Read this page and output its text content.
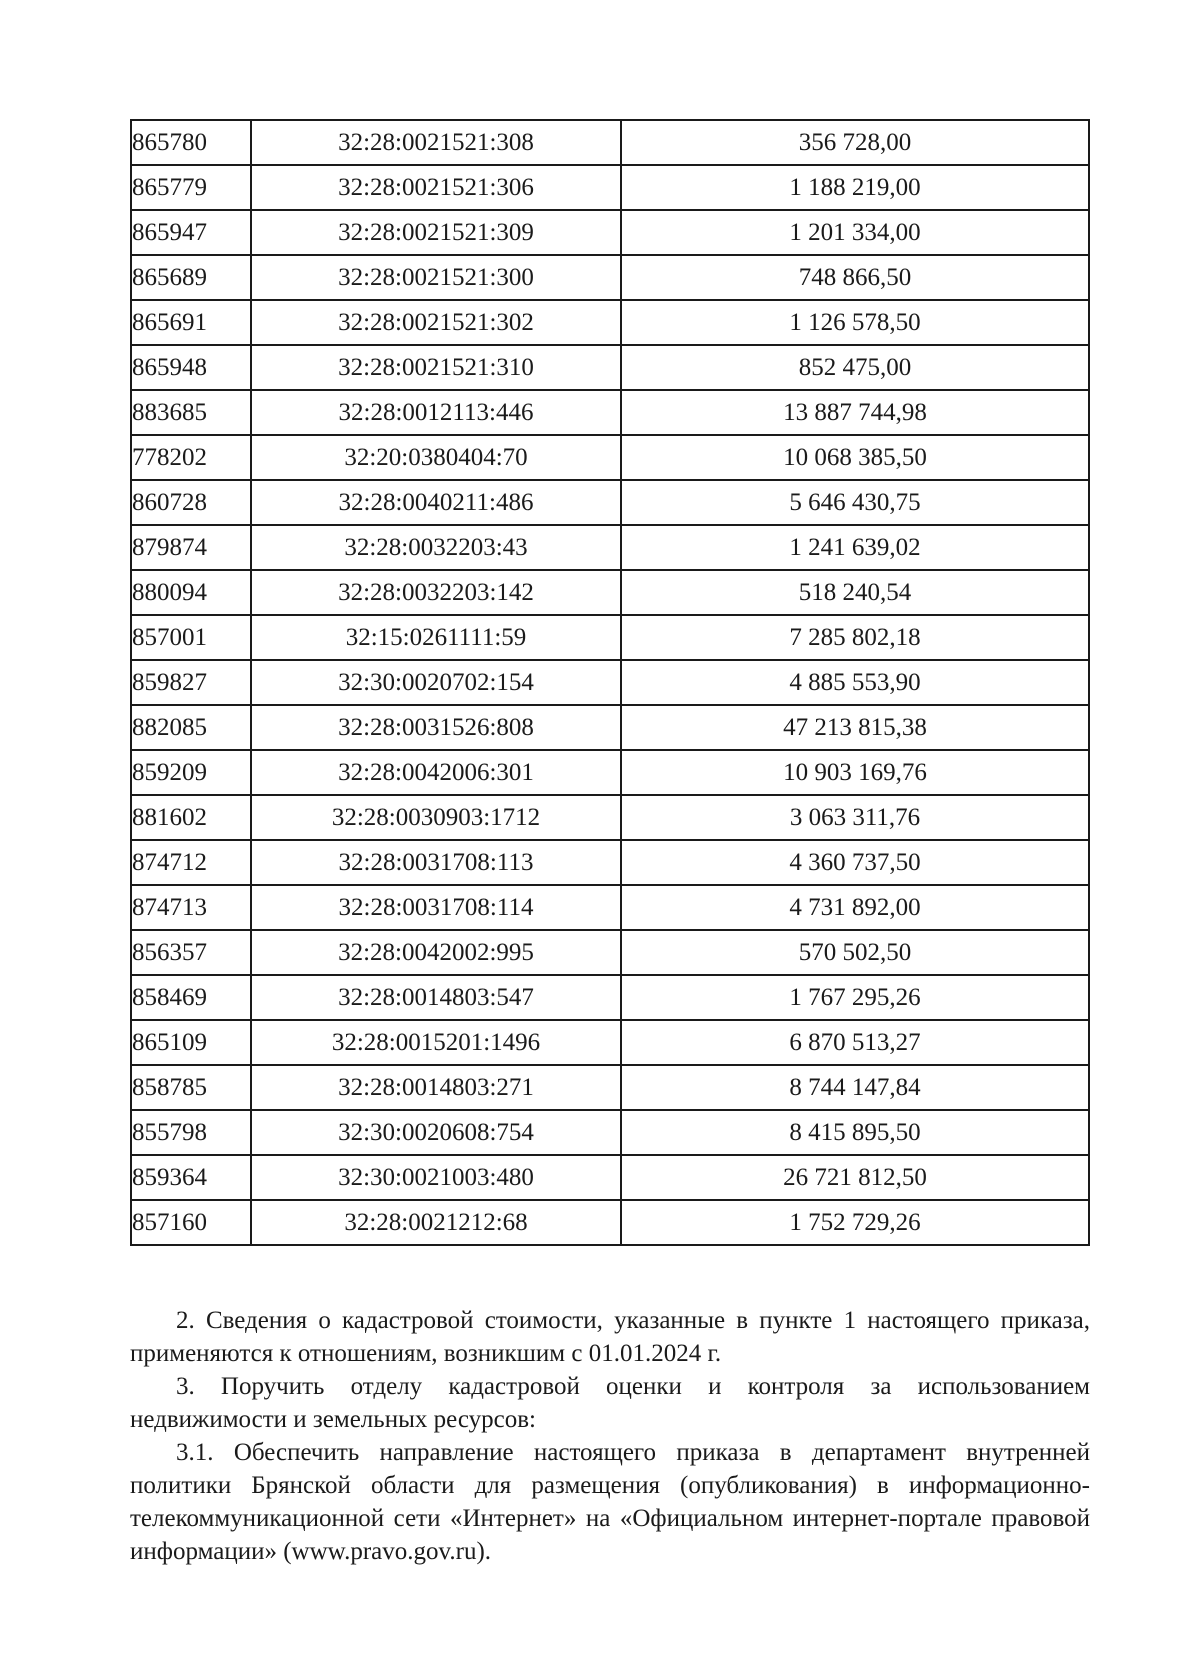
865780	32:28:0021521:308	356 728,00
865779	32:28:0021521:306	1 188 219,00
865947	32:28:0021521:309	1 201 334,00
865689	32:28:0021521:300	748 866,50
865691	32:28:0021521:302	1 126 578,50
865948	32:28:0021521:310	852 475,00
883685	32:28:0012113:446	13 887 744,98
778202	32:20:0380404:70	10 068 385,50
860728	32:28:0040211:486	5 646 430,75
879874	32:28:0032203:43	1 241 639,02
880094	32:28:0032203:142	518 240,54
857001	32:15:0261111:59	7 285 802,18
859827	32:30:0020702:154	4 885 553,90
882085	32:28:0031526:808	47 213 815,38
859209	32:28:0042006:301	10 903 169,76
881602	32:28:0030903:1712	3 063 311,76
874712	32:28:0031708:113	4 360 737,50
874713	32:28:0031708:114	4 731 892,00
856357	32:28:0042002:995	570 502,50
858469	32:28:0014803:547	1 767 295,26
865109	32:28:0015201:1496	6 870 513,27
858785	32:28:0014803:271	8 744 147,84
855798	32:30:0020608:754	8 415 895,50
859364	32:30:0021003:480	26 721 812,50
857160	32:28:0021212:68	1 752 729,26

2. Сведения о кадастровой стоимости, указанные в пункте 1 настоящего приказа, применяются к отношениям, возникшим с 01.01.2024 г.

3. Поручить отделу кадастровой оценки и контроля за использованием недвижимости и земельных ресурсов:

3.1. Обеспечить направление настоящего приказа в департамент внутренней политики Брянской области для размещения (опубликования) в информационно-телекоммуникационной сети «Интернет» на «Официальном интернет-портале правовой информации» (www.pravo.gov.ru).
